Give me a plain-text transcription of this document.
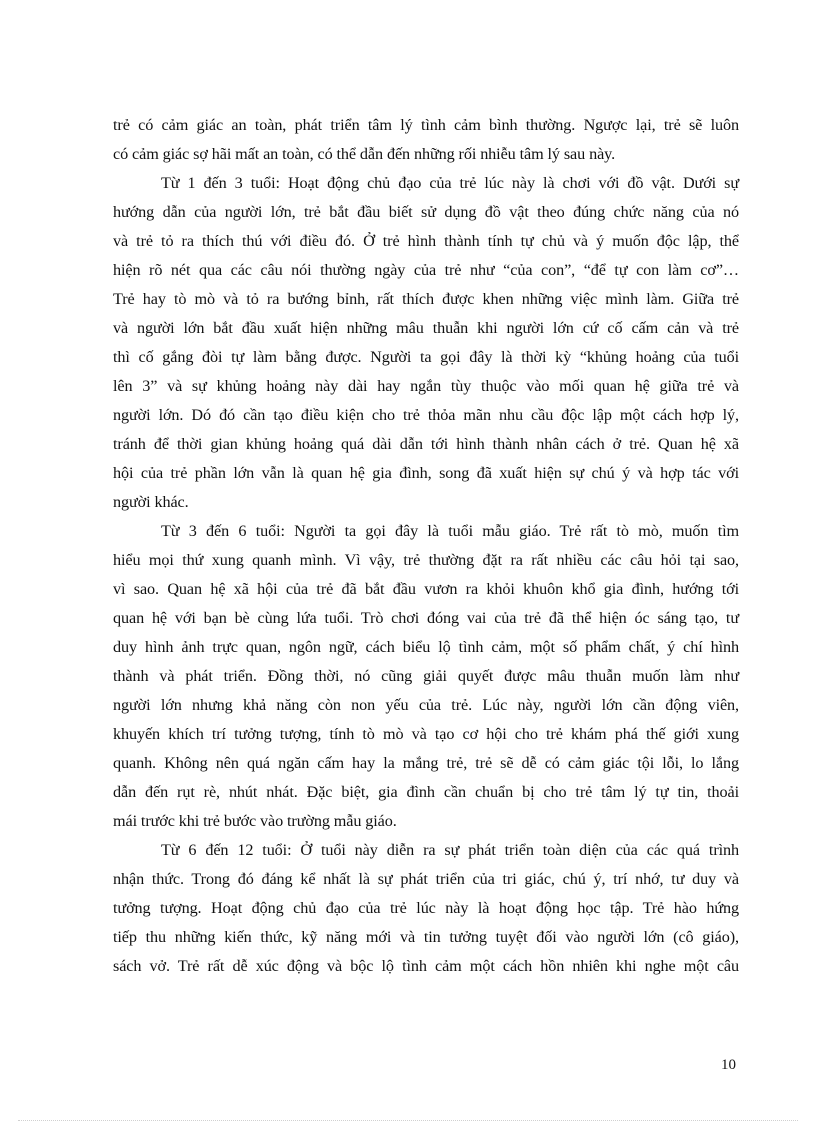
trẻ có cảm giác an toàn, phát triển tâm lý tình cảm bình thường. Ngược lại, trẻ sẽ luôn
có cảm giác sợ hãi mất an toàn, có thể dẫn đến những rối nhiễu tâm lý sau này.
Từ 1 đến 3 tuổi: Hoạt động chủ đạo của trẻ lúc này là chơi với đồ vật. Dưới sự
hướng dẫn của người lớn, trẻ bắt đầu biết sử dụng đồ vật theo đúng chức năng của nó
và trẻ tỏ ra thích thú với điều đó. Ở trẻ hình thành tính tự chủ và ý muốn độc lập, thể
hiện rõ nét qua các câu nói thường ngày của trẻ như “của con”, “để tự con làm cơ”…
Trẻ hay tò mò và tỏ ra bướng bỉnh, rất thích được khen những việc mình làm. Giữa trẻ
và người lớn bắt đầu xuất hiện những mâu thuẫn khi người lớn cứ cố cấm cản và trẻ
thì cố gắng đòi tự làm bằng được. Người ta gọi đây là thời kỳ “khủng hoảng của tuổi
lên 3” và sự khủng hoảng này dài hay ngắn tùy thuộc vào mối quan hệ giữa trẻ và
người lớn. Dó đó cần tạo điều kiện cho trẻ thỏa mãn nhu cầu độc lập một cách hợp lý,
tránh để thời gian khủng hoảng quá dài dẫn tới hình thành nhân cách ở trẻ. Quan hệ xã
hội của trẻ phần lớn vẫn là quan hệ gia đình, song đã xuất hiện sự chú ý và hợp tác với
người khác.
Từ 3 đến 6 tuổi: Người ta gọi đây là tuổi mẫu giáo. Trẻ rất tò mò, muốn tìm
hiểu mọi thứ xung quanh mình. Vì vậy, trẻ thường đặt ra rất nhiều các câu hỏi tại sao,
vì sao. Quan hệ xã hội của trẻ đã bắt đầu vươn ra khỏi khuôn khổ gia đình, hướng tới
quan hệ với bạn bè cùng lứa tuổi. Trò chơi đóng vai của trẻ đã thể hiện óc sáng tạo, tư
duy hình ảnh trực quan, ngôn ngữ, cách biểu lộ tình cảm, một số phẩm chất, ý chí hình
thành và phát triển. Đồng thời, nó cũng giải quyết được mâu thuẫn muốn làm như
người lớn nhưng khả năng còn non yếu của trẻ. Lúc này, người lớn cần động viên,
khuyến khích trí tưởng tượng, tính tò mò và tạo cơ hội cho trẻ khám phá thế giới xung
quanh. Không nên quá ngăn cấm hay la mắng trẻ, trẻ sẽ dễ có cảm giác tội lỗi, lo lắng
dẫn đến rụt rè, nhút nhát. Đặc biệt, gia đình cần chuẩn bị cho trẻ tâm lý tự tin, thoải
mái trước khi trẻ bước vào trường mẫu giáo.
Từ 6 đến 12 tuổi: Ở tuổi này diễn ra sự phát triển toàn diện của các quá trình
nhận thức. Trong đó đáng kể nhất là sự phát triển của tri giác, chú ý, trí nhớ, tư duy và
tưởng tượng. Hoạt động chủ đạo của trẻ lúc này là hoạt động học tập. Trẻ hào hứng
tiếp thu những kiến thức, kỹ năng mới và tin tưởng tuyệt đối vào người lớn (cô giáo),
sách vở. Trẻ rất dễ xúc động và bộc lộ tình cảm một cách hồn nhiên khi nghe một câu
10
